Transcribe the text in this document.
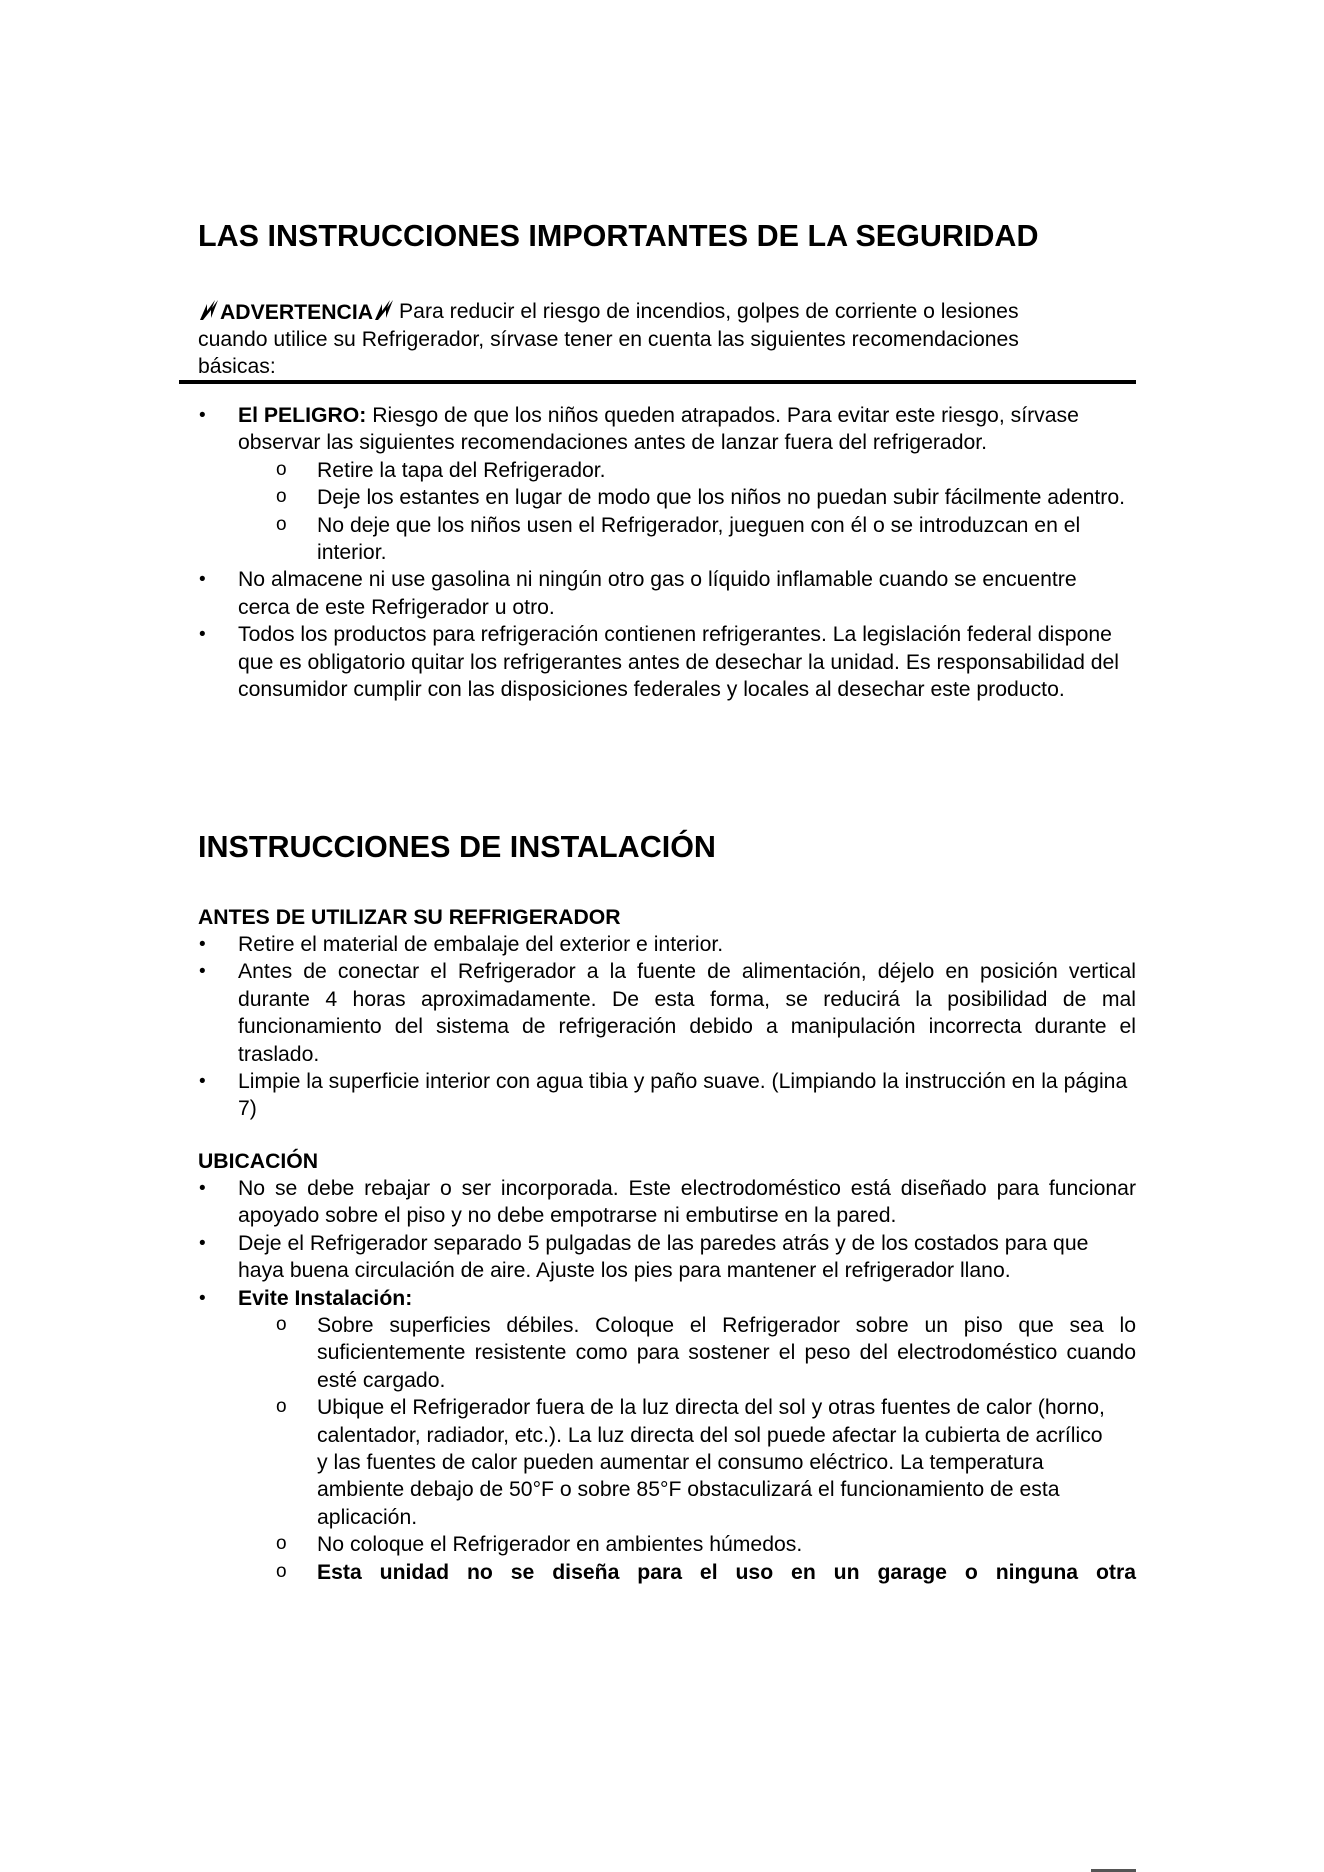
LAS INSTRUCCIONES IMPORTANTES DE LA SEGURIDAD
ADVERTENCIA	Para reducir el riesgo de incendios, golpes de corriente o lesiones
cuando utilice su Refrigerador, sírvase tener en cuenta las siguientes recomendaciones
básicas:
• El PELIGRO: Riesgo de que los niños queden atrapados. Para evitar este riesgo, sírvase observar las siguientes recomendaciones antes de lanzar fuera del refrigerador.
o Retire la tapa del Refrigerador.
o Deje los estantes en lugar de modo que los niños no puedan subir fácilmente adentro.
o No deje que los niños usen el Refrigerador, jueguen con él o se introduzcan en el interior.
• No almacene ni use gasolina ni ningún otro gas o líquido inflamable cuando se encuentre cerca de este Refrigerador u otro.
• Todos los productos para refrigeración contienen refrigerantes. La legislación federal dispone que es obligatorio quitar los refrigerantes antes de desechar la unidad. Es responsabilidad del consumidor cumplir con las disposiciones federales y locales al desechar este producto.
INSTRUCCIONES DE INSTALACIÓN
ANTES DE UTILIZAR SU REFRIGERADOR
• Retire el material de embalaje del exterior e interior.
• Antes de conectar el Refrigerador a la fuente de alimentación, déjelo en posición vertical durante 4 horas aproximadamente. De esta forma, se reducirá la posibilidad de mal funcionamiento del sistema de refrigeración debido a manipulación incorrecta durante el traslado.
• Limpie la superficie interior con agua tibia y paño suave. (Limpiando la instrucción en la página 7)
UBICACIÓN
• No se debe rebajar o ser incorporada. Este electrodoméstico está diseñado para funcionar apoyado sobre el piso y no debe empotrarse ni embutirse en la pared.
• Deje el Refrigerador separado 5 pulgadas de las paredes atrás y de los costados para que haya buena circulación de aire. Ajuste los pies para mantener el refrigerador llano.
• Evite Instalación:
o Sobre superficies débiles. Coloque el Refrigerador sobre un piso que sea lo suficientemente resistente como para sostener el peso del electrodoméstico cuando esté cargado.
o Ubique el Refrigerador fuera de la luz directa del sol y otras fuentes de calor (horno, calentador, radiador, etc.). La luz directa del sol puede afectar la cubierta de acrílico y las fuentes de calor pueden aumentar el consumo eléctrico. La temperatura ambiente debajo de 50°F o sobre 85°F obstaculizará el funcionamiento de esta aplicación.
o No coloque el Refrigerador en ambientes húmedos.
o Esta unidad no se diseña para el uso en un garage o ninguna otra
